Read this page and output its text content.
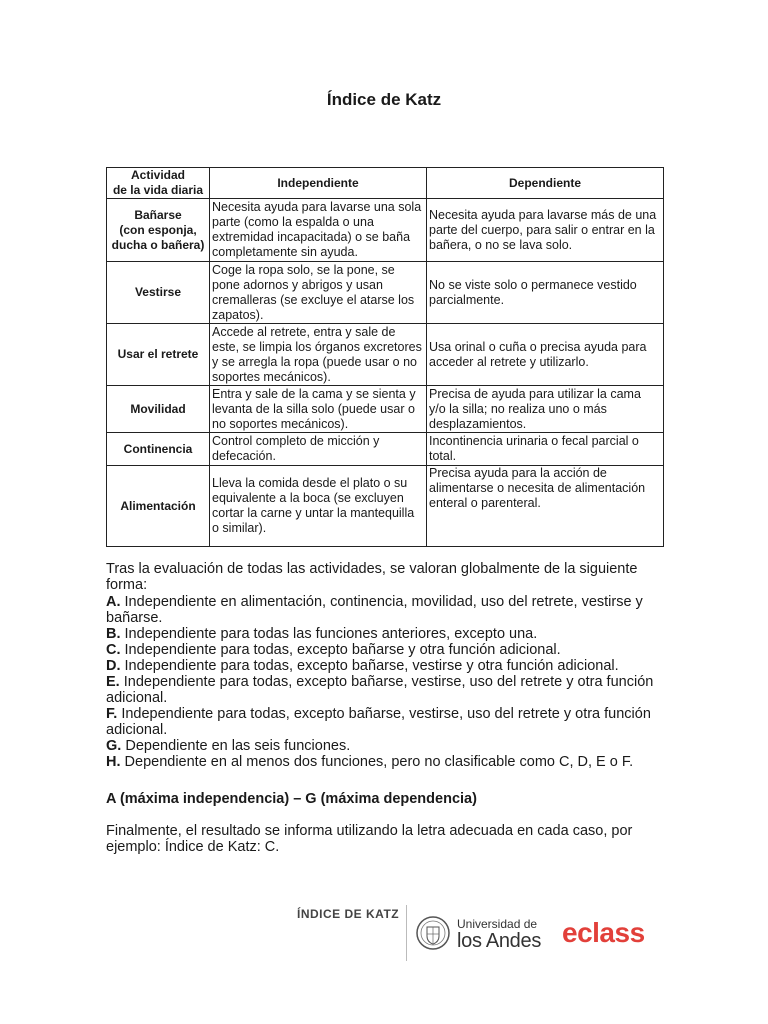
Índice de Katz
Actividad
de la vida diaria	Independiente	Dependiente
Bañarse
(con esponja,
ducha o bañera)	Necesita ayuda para lavarse una sola parte (como la espalda o una extremidad incapacitada) o se baña completamente sin ayuda.	Necesita ayuda para lavarse más de una parte del cuerpo, para salir o entrar en la bañera, o no se lava solo.
Vestirse	Coge la ropa solo, se la pone, se pone adornos y abrigos y usan cremalleras (se excluye el atarse los zapatos).	No se viste solo o permanece vestido parcialmente.
Usar el retrete	Accede al retrete, entra y sale de este, se limpia los órganos excretores y se arregla la ropa (puede usar o no soportes mecánicos).	Usa orinal o cuña o precisa ayuda para acceder al retrete y utilizarlo.
Movilidad	Entra y sale de la cama y se sienta y levanta de la silla solo (puede usar o no soportes mecánicos).	Precisa de ayuda para utilizar la cama y/o la silla; no realiza uno o más desplazamientos.
Continencia	Control completo de micción y defecación.	Incontinencia urinaria o fecal parcial o total.
Alimentación	Lleva la comida desde el plato o su equivalente a la boca (se excluyen cortar la carne y untar la mantequilla o similar).	Precisa ayuda para la acción de alimentarse o necesita de alimentación enteral o parenteral.
Tras la evaluación de todas las actividades, se valoran globalmente de la siguiente forma:

A. Independiente en alimentación, continencia, movilidad, uso del retrete, vestirse y bañarse.

B. Independiente para todas las funciones anteriores, excepto una.

C. Independiente para todas, excepto bañarse y otra función adicional.

D. Independiente para todas, excepto bañarse, vestirse y otra función adicional.

E. Independiente para todas, excepto bañarse, vestirse, uso del retrete y otra función adicional.

F. Independiente para todas, excepto bañarse, vestirse, uso del retrete y otra función adicional.

G. Dependiente en las seis funciones.

H. Dependiente en al menos dos funciones, pero no clasificable como C, D, E o F.

A (máxima independencia) – G (máxima dependencia)
Finalmente, el resultado se informa utilizando la letra adecuada en cada caso, por ejemplo: Índice de Katz: C.
ÍNDICE DE KATZ
Universidad de
los Andes eclass
